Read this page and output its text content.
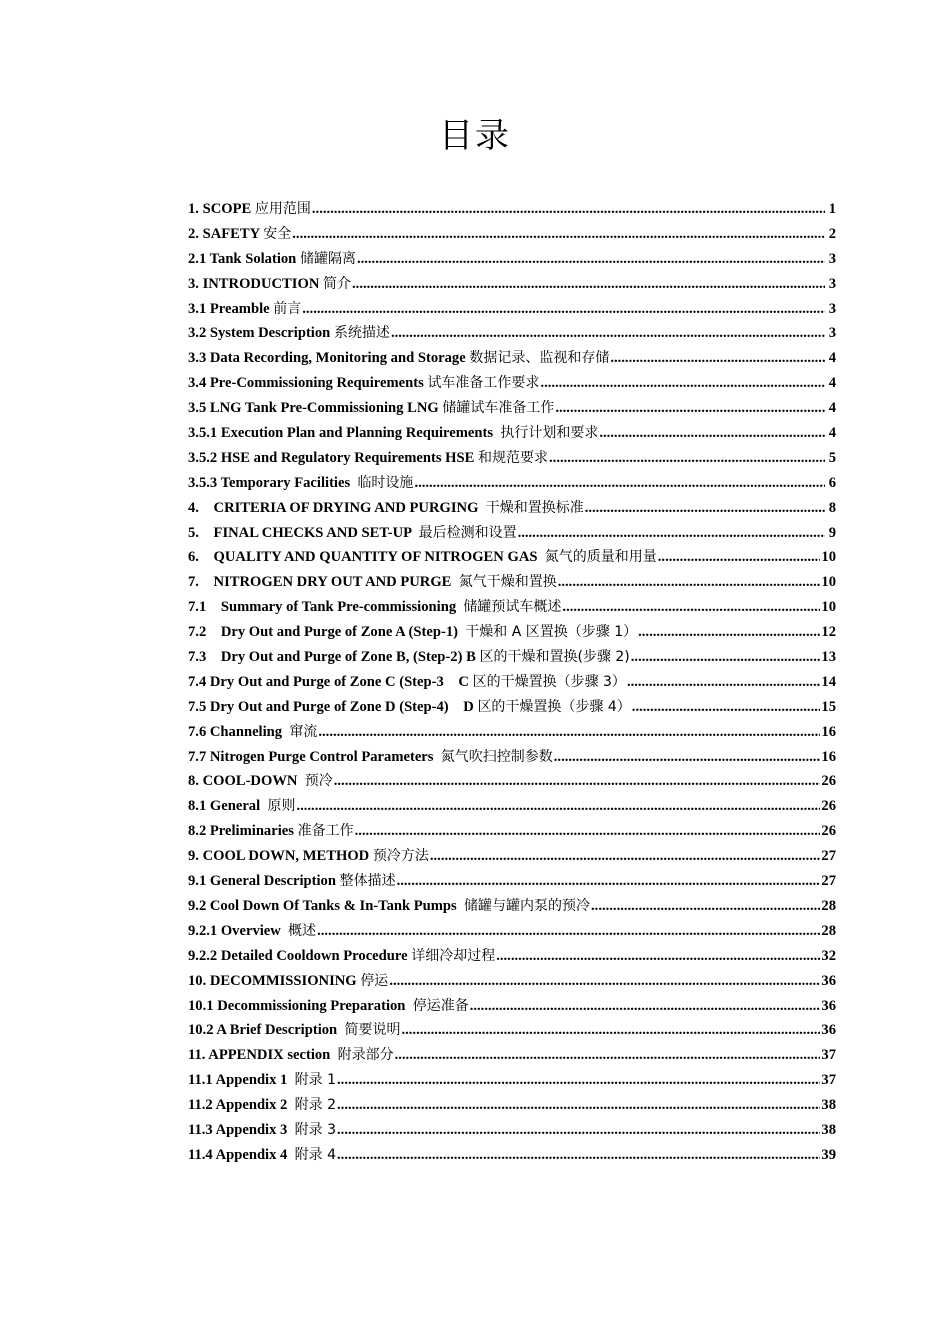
目录
1. SCOPE 应用范围 .....	1
2. SAFETY 安全 .....	2
2.1 Tank Solation 储罐隔离 .....	3
3. INTRODUCTION 简介 .....	3
3.1 Preamble 前言 .....	3
3.2 System Description 系统描述 .....	3
3.3 Data Recording, Monitoring and Storage 数据记录、监视和存储 .....	4
3.4 Pre-Commissioning Requirements 试车准备工作要求 .....	4
3.5 LNG Tank Pre-Commissioning LNG 储罐试车准备工作 .....	4
3.5.1 Execution Plan and Planning Requirements  执行计划和要求 .....	4
3.5.2 HSE and Regulatory Requirements HSE 和规范要求 .....	5
3.5.3 Temporary Facilities  临时设施 .....	6
4.    CRITERIA OF DRYING AND PURGING  干燥和置换标准 .....	8
5.    FINAL CHECKS AND SET-UP  最后检测和设置 .....	9
6.    QUALITY AND QUANTITY OF NITROGEN GAS  氮气的质量和用量 .....	10
7.    NITROGEN DRY OUT AND PURGE  氮气干燥和置换 .....	10
7.1    Summary of Tank Pre-commissioning  储罐预试车概述 .....	10
7.2    Dry Out and Purge of Zone A (Step-1)  干燥和 A 区置换（步骤 1） .....	12
7.3    Dry Out and Purge of Zone B, (Step-2) B 区的干燥和置换(步骤 2) .....	13
7.4 Dry Out and Purge of Zone C (Step-3    C 区的干燥置换（步骤 3） .....	14
7.5 Dry Out and Purge of Zone D (Step-4)    D 区的干燥置换（步骤 4） .....	15
7.6 Channeling  窜流 .....	16
7.7 Nitrogen Purge Control Parameters  氮气吹扫控制参数 .....	16
8. COOL-DOWN  预冷 .....	26
8.1 General  原则 .....	26
8.2 Preliminaries 准备工作 .....	26
9. COOL DOWN, METHOD 预冷方法 .....	27
9.1 General Description 整体描述 .....	27
9.2 Cool Down Of Tanks & In-Tank Pumps  储罐与罐内泵的预冷 .....	28
9.2.1 Overview  概述 .....	28
9.2.2 Detailed Cooldown Procedure 详细冷却过程 .....	32
10. DECOMMISSIONING 停运 .....	36
10.1 Decommissioning Preparation  停运准备 .....	36
10.2 A Brief Description  简要说明 .....	36
11. APPENDIX section  附录部分 .....	37
11.1 Appendix 1  附录 1 .....	37
11.2 Appendix 2  附录 2 .....	38
11.3 Appendix 3  附录 3 .....	38
11.4 Appendix 4  附录 4 .....	39
